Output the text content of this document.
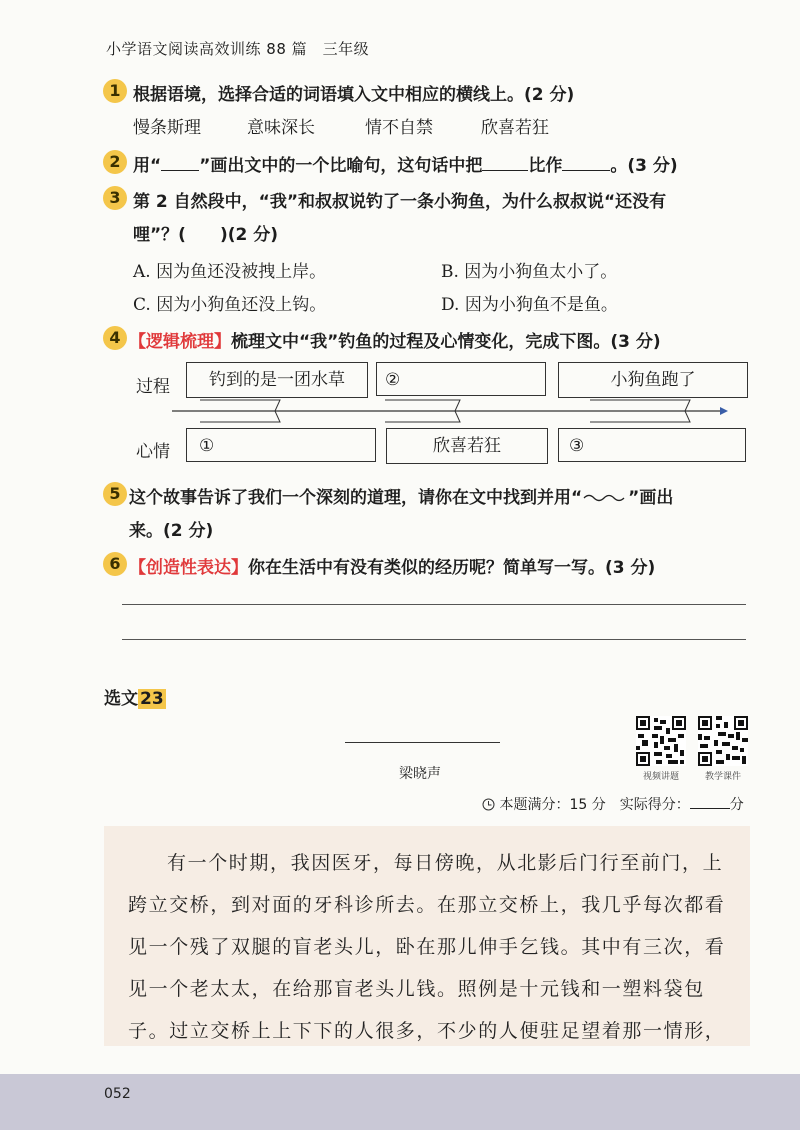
小学语文阅读高效训练 88 篇　三年级
1 根据语境，选择合适的词语填入文中相应的横线上。(2 分)
慢条斯理	意味深长	情不自禁	欣喜若狂
2 用“ ”画出文中的一个比喻句，这句话中把	比作	。(3 分)
3 第 2 自然段中，“我”和叔叔说钓了一条小狗鱼，为什么叔叔说“还没有
哩”？(　　)(2 分)
A. 因为鱼还没被拽上岸。	B. 因为小狗鱼太小了。
C. 因为小狗鱼还没上钩。	D. 因为小狗鱼不是鱼。
4 【逻辑梳理】梳理文中“我”钓鱼的过程及心情变化，完成下图。(3 分)
过程
心情
钓到的是一团水草	②	小狗鱼跑了
①	欣喜若狂	③
5 这个故事告诉了我们一个深刻的道理，请你在文中找到并用“	”画出
来。(2 分)
6 【创造性表达】你在生活中有没有类似的经历呢？简单写一写。(3 分)
选文 23
梁晓声	视频讲题	教学课件
本题满分：15 分　实际得分：	分
有一个时期，我因医牙，每日傍晚，从北影后门行至前门，上
跨立交桥，到对面的牙科诊所去。在那立交桥上，我几乎每次都看
见一个残了双腿的盲老头儿，卧在那儿伸手乞钱。其中有三次，看
见一个老太太，在给那盲老头儿钱。照例是十元钱和一塑料袋包
子。过立交桥上上下下的人很多，不少的人便驻足望着那一情形，
052
